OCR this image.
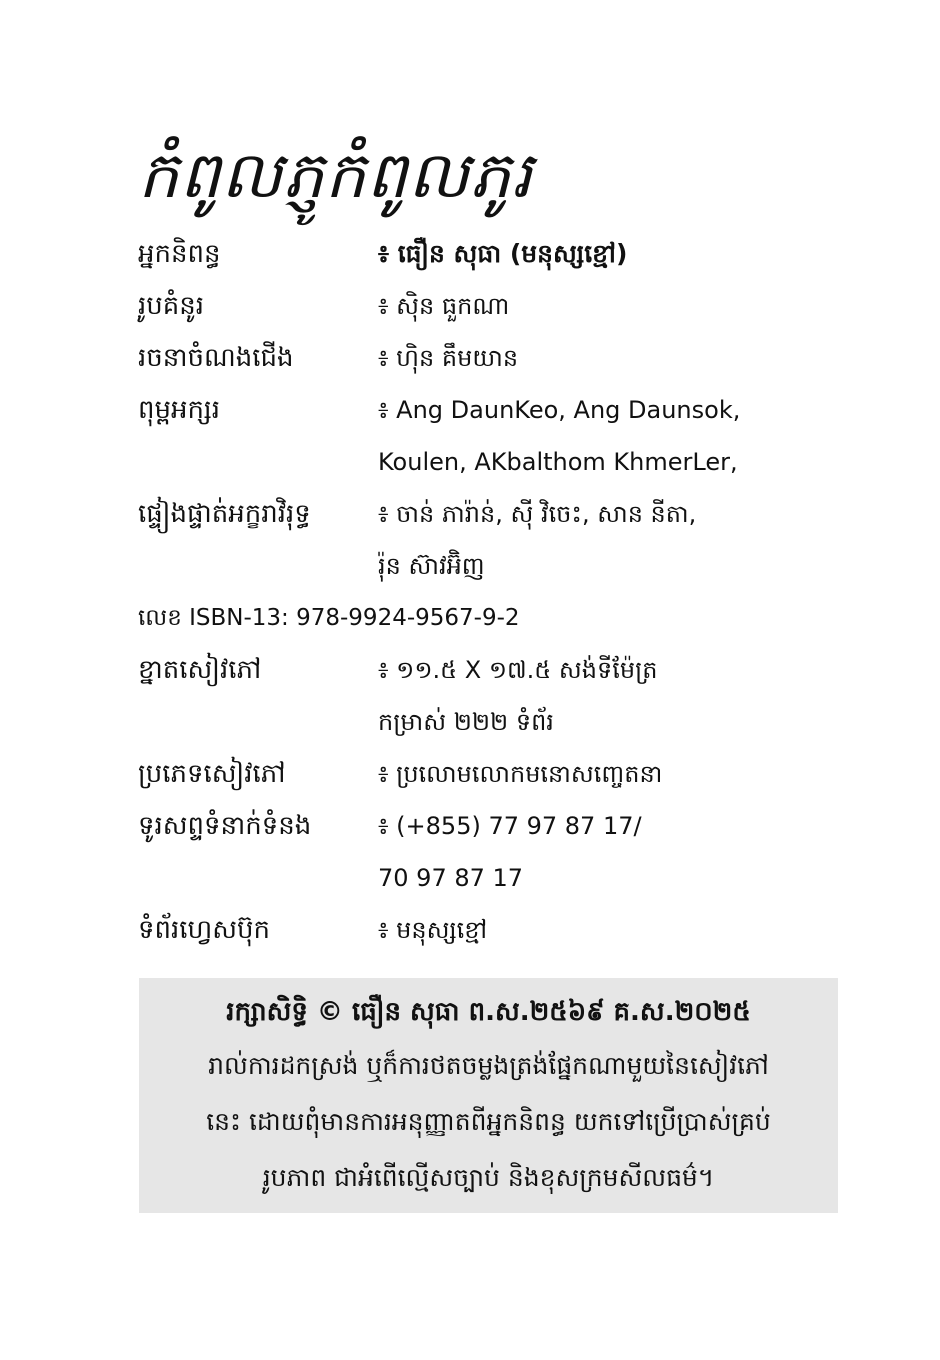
កំពូលភ្ញូកំពូលភូរ
អ្នកនិពន្ធ	៖ ធឿន សុធា (មនុស្សខ្មៅ)
រូបគំនូរ	៖ ស៊ិន ធួកណា
រចនាចំណងជើង	៖ ហ៊ិន គឹមយាន
ពុម្ពអក្សរ	៖ Ang DaunKeo, Ang Daunsok,
Koulen, AKbalthom KhmerLer,
ផ្ទៀងផ្ទាត់អក្ខរាវិរុទ្ធ	៖ ចាន់ ភារ៉ាន់, ស៊ី វិចេះ, សាន នីតា,
រ៉ុន ស៊ាវអ៊ិញ
លេខ ISBN-13: 978-9924-9567-9-2
ខ្នាតសៀវភៅ	៖ ១១.៥ X ១៧.៥ សង់ទីម៉ែត្រ
កម្រាស់ ២២២ ទំព័រ
ប្រភេទសៀវភៅ	៖ ប្រលោមលោកមនោសញ្ចេតនា
ទូរសព្ទទំនាក់ទំនង	៖ (+855) 77 97 87 17/
70 97 87 17
ទំព័រហ្វេសប៊ុក	៖ មនុស្សខ្មៅ
រក្សាសិទ្ធិ © ធឿន សុធា ព.ស.២៥៦៩ គ.ស.២០២៥
រាល់ការដកស្រង់ ឬក៏ការថតចម្លងត្រង់ផ្នែកណាមួយនៃសៀវភៅ
នេះ ដោយពុំមានការអនុញ្ញាតពីអ្នកនិពន្ធ យកទៅប្រើប្រាស់គ្រប់
រូបភាព ជាអំពើល្មើសច្បាប់ និងខុសក្រមសីលធម៌។
